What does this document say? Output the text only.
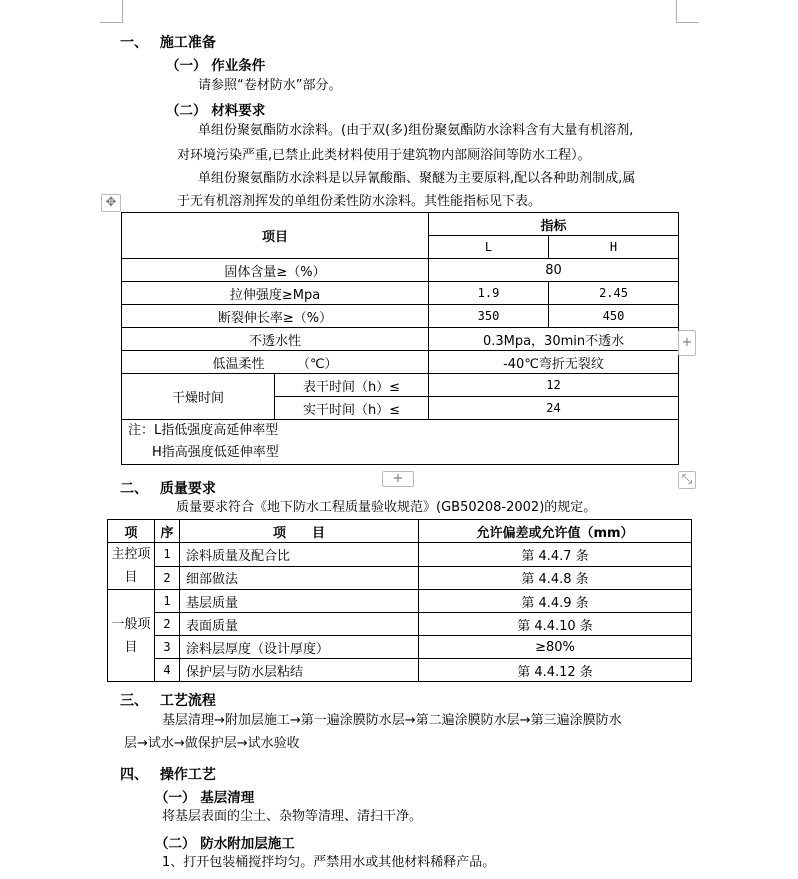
一、　 施工准备
（一） 作业条件
请参照“卷材防水”部分。
（二） 材料要求
单组份聚氨酯防水涂料。(由于双(多)组份聚氨酯防水涂料含有大量有机溶剂,
对环境污染严重,已禁止此类材料使用于建筑物内部厕浴间等防水工程）。
单组份聚氨酯防水涂料是以异氰酸酯、聚醚为主要原料,配以各种助剂制成,属
于无有机溶剂挥发的单组份柔性防水涂料。其性能指标见下表。
✥
项目		指标	
		L	H
固体含量≥（%）		80	
拉伸强度≥Mpa		1.9	2.45
断裂伸长率≥（%）		350	450
不透水性		0.3Mpa，30min不透水	
低温柔性　　　（℃）		-40℃弯折无裂纹	
干燥时间	表干时间（h）≤	12	
	实干时间（h）≤	24	

注：L指低强度高延伸率型
H指高强度低延伸率型			
+
+	⤡
二、　 质量要求
质量要求符合《地下防水工程质量验收规范》(GB50208-2002)的规定。
项	序	项　　目	允许偏差或允许值（mm）
主控项目	1	涂料质量及配合比	第 4.4.7 条
	2	细部做法	第 4.4.8 条
一般项目	1	基层质量	第 4.4.9 条
	2	表面质量	第 4.4.10 条
	3	涂料层厚度（设计厚度）	≥80%
	4	保护层与防水层粘结	第 4.4.12 条
三、　 工艺流程
基层清理→附加层施工→第一遍涂膜防水层→第二遍涂膜防水层→第三遍涂膜防水
层→试水→做保护层→试水验收
四、　 操作工艺
（一） 基层清理
将基层表面的尘土、杂物等清理、清扫干净。
（二） 防水附加层施工
1、打开包装桶搅拌均匀。严禁用水或其他材料稀释产品。
